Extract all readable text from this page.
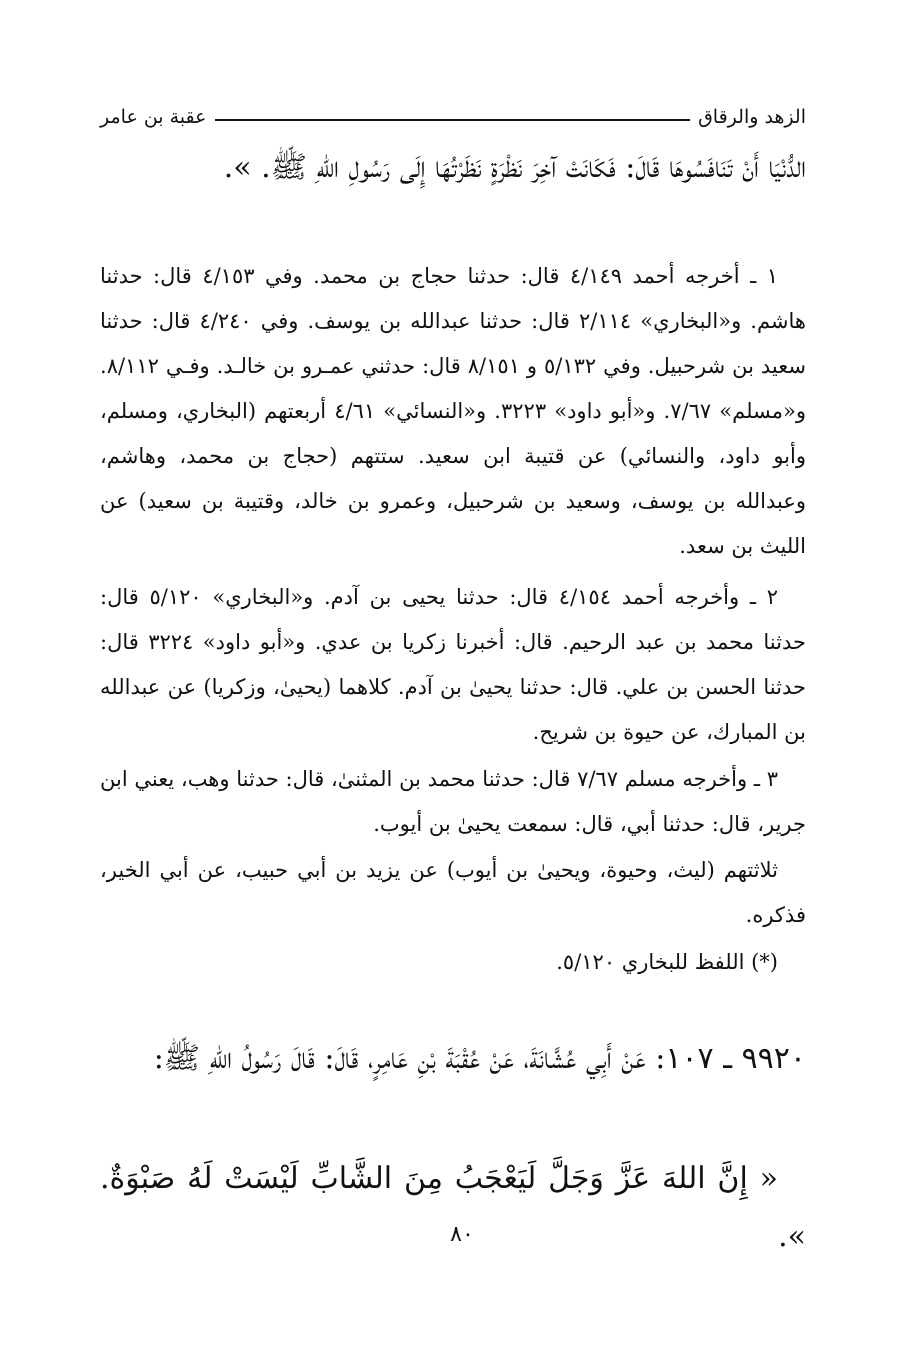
الزهد والرقاق
عقبة بن عامر
الدُّنْيَا أَنْ تَنَافَسُوهَا قَالَ: فَكَانَتْ آخِرَ نَظْرَةٍ نَظَرْتُهَا إِلَى رَسُولِ اللهِ ﷺ. ».

١ ـ أخرجه أحمد ٤/١٤٩ قال: حدثنا حجاج بن محمد. وفي ٤/١٥٣ قال: حدثنا هاشم. و«البخاري» ٢/١١٤ قال: حدثنا عبدالله بن يوسف. وفي ٤/٢٤٠ قال: حدثنا سعيد بن شرحبيل. وفي ٥/١٣٢ و ٨/١٥١ قال: حدثني عمـرو بن خالـد. وفـي ٨/١١٢. و«مسلم» ٧/٦٧. و«أبو داود» ٣٢٢٣. و«النسائي» ٤/٦١ أربعتهم (البخاري، ومسلم، وأبو داود، والنسائي) عن قتيبة ابن سعيد. ستتهم (حجاج بن محمد، وهاشم، وعبدالله بن يوسف، وسعيد بن شرحبيل، وعمرو بن خالد، وقتيبة بن سعيد) عن الليث بن سعد.

٢ ـ وأخرجه أحمد ٤/١٥٤ قال: حدثنا يحيى بن آدم. و«البخاري» ٥/١٢٠ قال: حدثنا محمد بن عبد الرحيم. قال: أخبرنا زكريا بن عدي. و«أبو داود» ٣٢٢٤ قال: حدثنا الحسن بن علي. قال: حدثنا يحيىٰ بن آدم. كلاهما (يحيىٰ، وزكريا) عن عبدالله بن المبارك، عن حيوة بن شريح.

٣ ـ وأخرجه مسلم ٧/٦٧ قال: حدثنا محمد بن المثنىٰ، قال: حدثنا وهب، يعني ابن جرير، قال: حدثنا أبي، قال: سمعت يحيىٰ بن أيوب.

ثلاثتهم (ليث، وحيوة، ويحيىٰ بن أيوب) عن يزيد بن أبي حبيب، عن أبي الخير، فذكره.

(*) اللفظ للبخاري ٥/١٢٠.

٩٩٢٠ ـ ١٠٧: عَنْ أَبِي عُشَّانَةَ، عَنْ عُقْبَةَ بْنِ عَامِرٍ، قَالَ: قَالَ رَسُولُ اللهِ ﷺ:
« إِنَّ اللهَ عَزَّ وَجَلَّ لَيَعْجَبُ مِنَ الشَّابِّ لَيْسَتْ لَهُ صَبْوَةٌ. ».
٨٠
